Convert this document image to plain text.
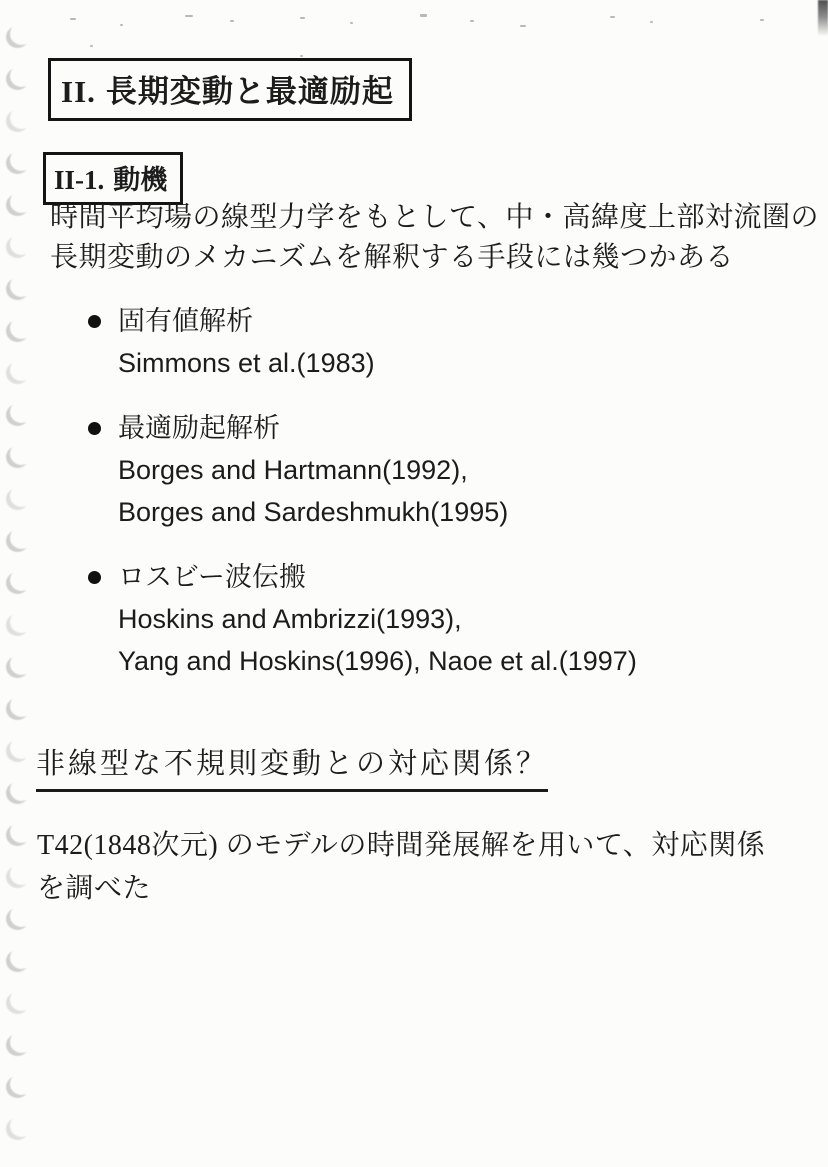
II. 長期変動と最適励起
II-1. 動機
時間平均場の線型力学をもとして、中・高緯度上部対流圏の
長期変動のメカニズムを解釈する手段には幾つかある
固有値解析
Simmons et al.(1983)
最適励起解析
Borges and Hartmann(1992),
Borges and Sardeshmukh(1995)
ロスビー波伝搬
Hoskins and Ambrizzi(1993),
Yang and Hoskins(1996), Naoe et al.(1997)
非線型な不規則変動との対応関係？
T42(1848次元) のモデルの時間発展解を用いて、対応関係
を調べた
